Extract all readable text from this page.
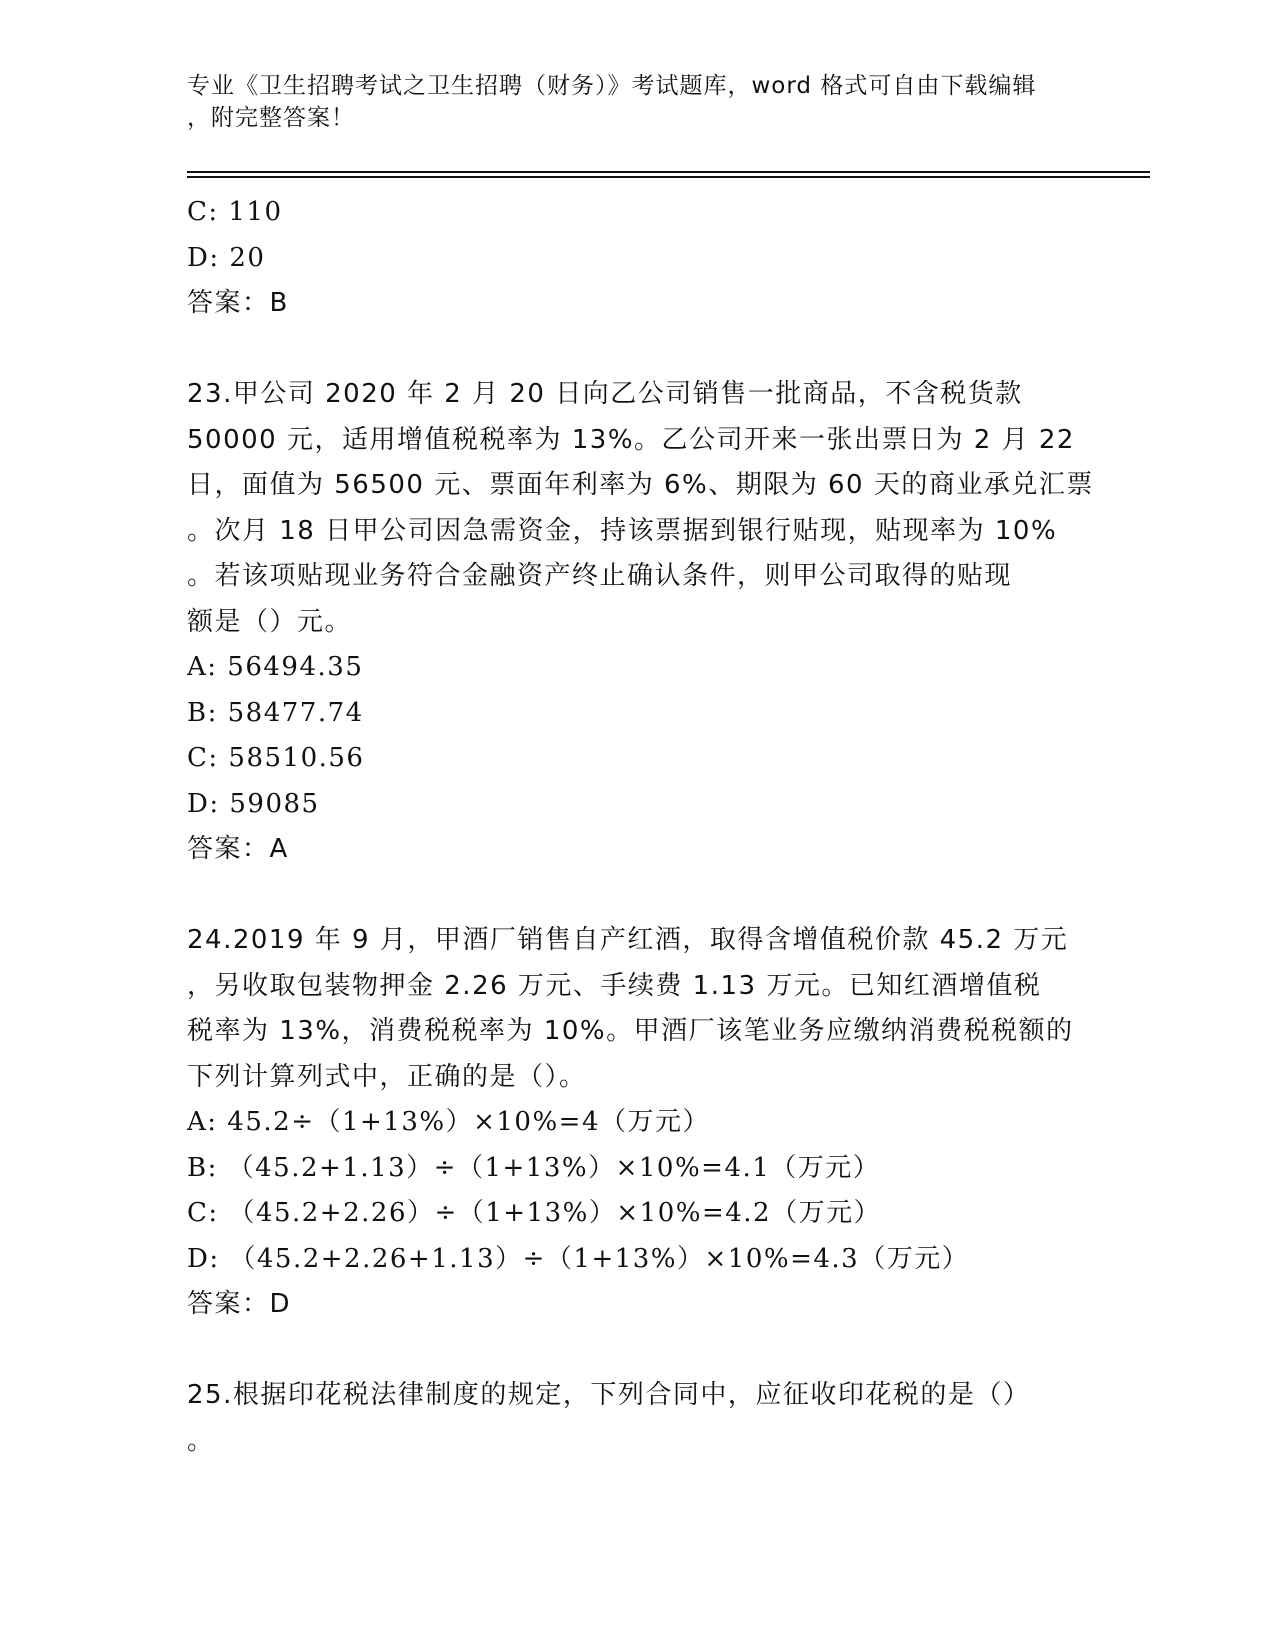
专业《卫生招聘考试之卫生招聘（财务）》考试题库，word 格式可自由下载编辑
，附完整答案！
C: 110
D: 20
答案：B
23.甲公司 2020 年 2 月 20 日向乙公司销售一批商品，不含税货款
50000 元，适用增值税税率为 13%。乙公司开来一张出票日为 2 月 22
日，面值为 56500 元、票面年利率为 6%、期限为 60 天的商业承兑汇票
。次月 18 日甲公司因急需资金，持该票据到银行贴现，贴现率为 10%
。若该项贴现业务符合金融资产终止确认条件，则甲公司取得的贴现
额是（）元。
A: 56494.35
B: 58477.74
C: 58510.56
D: 59085
答案：A
24.2019 年 9 月，甲酒厂销售自产红酒，取得含增值税价款 45.2 万元
，另收取包装物押金 2.26 万元、手续费 1.13 万元。已知红酒增值税
税率为 13%，消费税税率为 10%。甲酒厂该笔业务应缴纳消费税税额的
下列计算列式中，正确的是（）。
A: 45.2÷（1+13%）×10%=4（万元）
B: （45.2+1.13）÷（1+13%）×10%=4.1（万元）
C: （45.2+2.26）÷（1+13%）×10%=4.2（万元）
D: （45.2+2.26+1.13）÷（1+13%）×10%=4.3（万元）
答案：D
25.根据印花税法律制度的规定，下列合同中，应征收印花税的是（）
。
